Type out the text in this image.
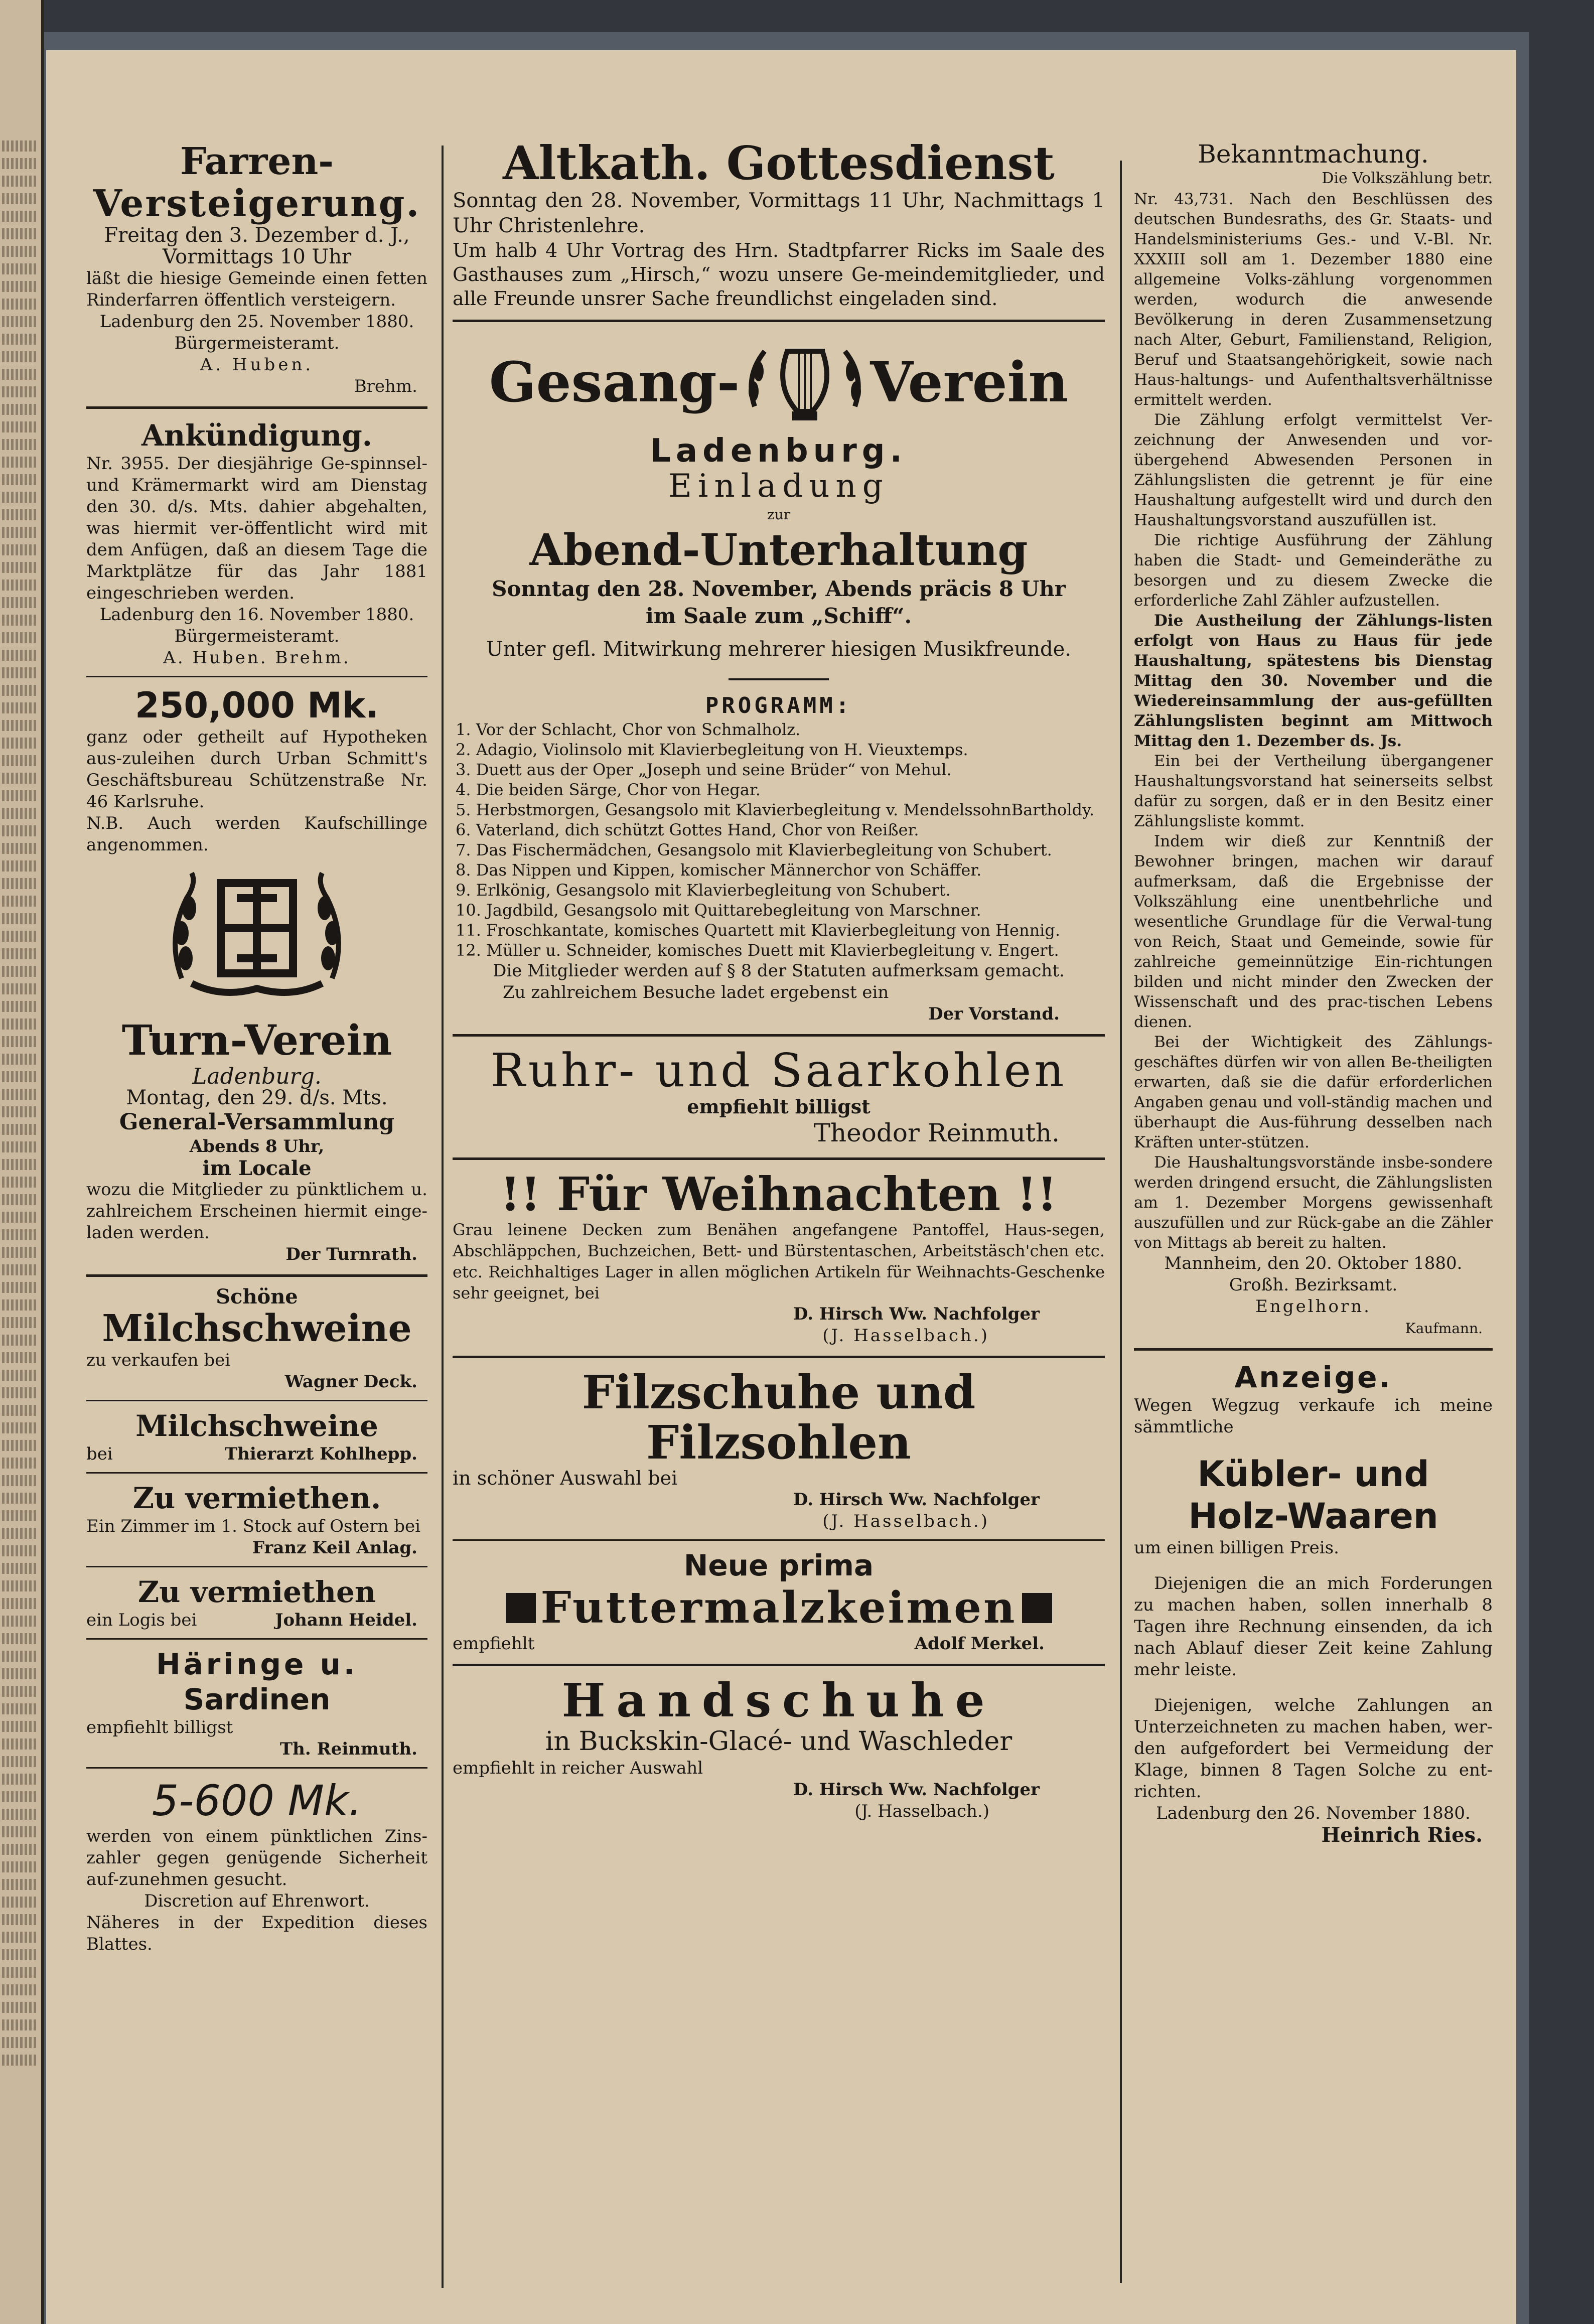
Farren-
Versteigerung.
Freitag den 3. Dezember d. J.,
Vormittags 10 Uhr
läßt die hiesige Gemeinde einen fetten Rinderfarren öffentlich versteigern.
Ladenburg den 25. November 1880.
Bürgermeisteramt.
A. Huben.
Brehm.
Ankündigung.
Nr. 3955. Der diesjährige Ge-spinnsel- und Krämermarkt wird am Dienstag den 30. d/s. Mts. dahier abgehalten, was hiermit ver-öffentlicht wird mit dem Anfügen, daß an diesem Tage die Marktplätze für das Jahr 1881 eingeschrieben werden.
Ladenburg den 16. November 1880.
Bürgermeisteramt.
A. Huben. Brehm.
250,000 Mk.
ganz oder getheilt auf Hypotheken aus-zuleihen durch Urban Schmitt's Geschäftsbureau Schützenstraße Nr. 46 Karlsruhe.
N.B. Auch werden Kaufschillinge angenommen.
Turn-Verein
Ladenburg.
Montag, den 29. d/s. Mts.
General-Versammlung
Abends 8 Uhr,
im Locale
wozu die Mitglieder zu pünktlichem u. zahlreichem Erscheinen hiermit einge-laden werden.
Der Turnrath.
Schöne
Milchschweine
zu verkaufen bei
Wagner Deck.
Milchschweine
bei	Thierarzt Kohlhepp.
Zu vermiethen.
Ein Zimmer im 1. Stock auf Ostern bei
Franz Keil Anlag.
Zu vermiethen
ein Logis bei	Johann Heidel.
Häringe u.
Sardinen
empfiehlt billigst
Th. Reinmuth.
5-600 Mk.
werden von einem pünktlichen Zins-zahler gegen genügende Sicherheit auf-zunehmen gesucht.
Discretion auf Ehrenwort.
Näheres in der Expedition dieses Blattes.
Altkath. Gottesdienst
Sonntag den 28. November, Vormittags 11 Uhr, Nachmittags 1 Uhr Christenlehre.
Um halb 4 Uhr Vortrag des Hrn. Stadtpfarrer Ricks im Saale des Gasthauses zum „Hirsch,“ wozu unsere Ge-meindemitglieder, und alle Freunde unsrer Sache freundlichst eingeladen sind.
Gesang- Verein
Ladenburg.
Einladung
zur
Abend-Unterhaltung
Sonntag den 28. November, Abends präcis 8 Uhr
im Saale zum „Schiff“.
Unter gefl. Mitwirkung mehrerer hiesigen Musikfreunde.
PROGRAMM:
1. Vor der Schlacht, Chor von Schmalholz.
2. Adagio, Violinsolo mit Klavierbegleitung von H. Vieuxtemps.
3. Duett aus der Oper „Joseph und seine Brüder“ von Mehul.
4. Die beiden Särge, Chor von Hegar.
5. Herbstmorgen, Gesangsolo mit Klavierbegleitung v. MendelssohnBartholdy.
6. Vaterland, dich schützt Gottes Hand, Chor von Reißer.
7. Das Fischermädchen, Gesangsolo mit Klavierbegleitung von Schubert.
8. Das Nippen und Kippen, komischer Männerchor von Schäffer.
9. Erlkönig, Gesangsolo mit Klavierbegleitung von Schubert.
10. Jagdbild, Gesangsolo mit Quittarebegleitung von Marschner.
11. Froschkantate, komisches Quartett mit Klavierbegleitung von Hennig.
12. Müller u. Schneider, komisches Duett mit Klavierbegleitung v. Engert.
Die Mitglieder werden auf § 8 der Statuten aufmerksam gemacht.
Zu zahlreichem Besuche ladet ergebenst ein
Der Vorstand.
Ruhr- und Saarkohlen
empfiehlt billigst
Theodor Reinmuth.
!! Für Weihnachten !!
Grau leinene Decken zum Benähen angefangene Pantoffel, Haus-segen, Abschläppchen, Buchzeichen, Bett- und Bürstentaschen, Arbeitstäsch'chen etc. etc. Reichhaltiges Lager in allen möglichen Artikeln für Weihnachts-Geschenke sehr geeignet, bei
D. Hirsch Ww. Nachfolger
(J. Hasselbach.)
Filzschuhe und Filzsohlen
in schöner Auswahl bei
D. Hirsch Ww. Nachfolger
(J. Hasselbach.)
Neue prima
Futtermalzkeimen
empfiehlt	Adolf Merkel.
Handschuhe
in Buckskin-Glacé- und Waschleder
empfiehlt in reicher Auswahl
D. Hirsch Ww. Nachfolger
(J. Hasselbach.)
Bekanntmachung.
Die Volkszählung betr.
Nr. 43,731. Nach den Beschlüssen des deutschen Bundesraths, des Gr. Staats- und Handelsministeriums Ges.- und V.-Bl. Nr. XXXIII soll am 1. Dezember 1880 eine allgemeine Volks-zählung vorgenommen werden, wodurch die anwesende Bevölkerung in deren Zusammensetzung nach Alter, Geburt, Familienstand, Religion, Beruf und Staatsangehörigkeit, sowie nach Haus-haltungs- und Aufenthaltsverhältnisse ermittelt werden.
Die Zählung erfolgt vermittelst Ver-zeichnung der Anwesenden und vor-übergehend Abwesenden Personen in Zählungslisten die getrennt je für eine Haushaltung aufgestellt wird und durch den Haushaltungsvorstand auszufüllen ist.
Die richtige Ausführung der Zählung haben die Stadt- und Gemeinderäthe zu besorgen und zu diesem Zwecke die erforderliche Zahl Zähler aufzustellen.
Die Austheilung der Zählungs-listen erfolgt von Haus zu Haus für jede Haushaltung, spätestens bis Dienstag Mittag den 30. November und die Wiedereinsammlung der aus-gefüllten Zählungslisten beginnt am Mittwoch Mittag den 1. Dezember ds. Js.
Ein bei der Vertheilung übergangener Haushaltungsvorstand hat seinerseits selbst dafür zu sorgen, daß er in den Besitz einer Zählungsliste kommt.
Indem wir dieß zur Kenntniß der Bewohner bringen, machen wir darauf aufmerksam, daß die Ergebnisse der Volkszählung eine unentbehrliche und wesentliche Grundlage für die Verwal-tung von Reich, Staat und Gemeinde, sowie für zahlreiche gemeinnützige Ein-richtungen bilden und nicht minder den Zwecken der Wissenschaft und des prac-tischen Lebens dienen.
Bei der Wichtigkeit des Zählungs-geschäftes dürfen wir von allen Be-theiligten erwarten, daß sie die dafür erforderlichen Angaben genau und voll-ständig machen und überhaupt die Aus-führung desselben nach Kräften unter-stützen.
Die Haushaltungsvorstände insbe-sondere werden dringend ersucht, die Zählungslisten am 1. Dezember Morgens gewissenhaft auszufüllen und zur Rück-gabe an die Zähler von Mittags ab bereit zu halten.
Mannheim, den 20. Oktober 1880.
Großh. Bezirksamt.
Engelhorn.
Kaufmann.
Anzeige.
Wegen Wegzug verkaufe ich meine sämmtliche
Kübler- und
Holz-Waaren
um einen billigen Preis.
Diejenigen die an mich Forderungen zu machen haben, sollen innerhalb 8 Tagen ihre Rechnung einsenden, da ich nach Ablauf dieser Zeit keine Zahlung mehr leiste.
Diejenigen, welche Zahlungen an Unterzeichneten zu machen haben, wer-den aufgefordert bei Vermeidung der Klage, binnen 8 Tagen Solche zu ent-richten.
Ladenburg den 26. November 1880.
Heinrich Ries.
